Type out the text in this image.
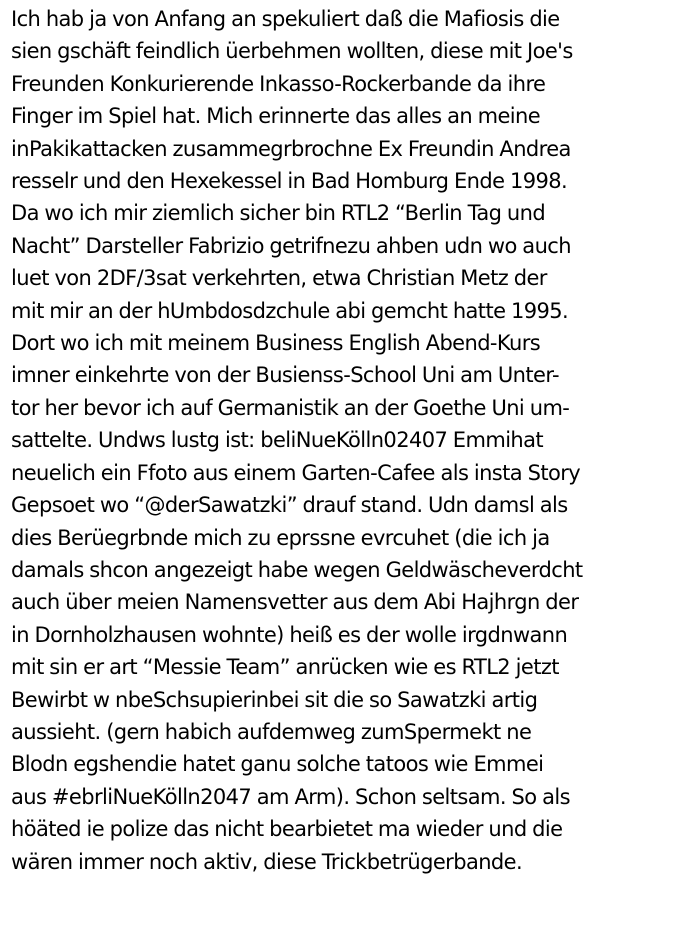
Ich hab ja von Anfang an spekuliert daß die Mafiosis die
sien gschäft feindlich üerbehmen wollten, diese mit Joe's
Freunden Konkurierende Inkasso-Rockerbande da ihre
Finger im Spiel hat. Mich erinnerte das alles an meine
inPakikattacken zusammegrbrochne Ex Freundin Andrea
resselr und den Hexekessel in Bad Homburg Ende 1998.
Da wo ich mir ziemlich sicher bin RTL2 “Berlin Tag und
Nacht” Darsteller Fabrizio getrifnezu ahben udn wo auch
luet von 2DF/3sat verkehrten, etwa Christian Metz der
mit mir an der hUmbdosdzchule abi gemcht hatte 1995.
Dort wo ich mit meinem Business English Abend-Kurs
imner einkehrte von der Busienss-School Uni am Unter-
tor her bevor ich auf Germanistik an der Goethe Uni um-
sattelte. Undws lustg ist: beliNueKölln02407 Emmihat
neuelich ein Ffoto aus einem Garten-Cafee als insta Story
Gepsoet wo “@derSawatzki” drauf stand. Udn damsl als
dies Berüegrbnde mich zu eprssne evrcuhet (die ich ja
damals shcon angezeigt habe wegen Geldwäscheverdcht
auch über meien Namensvetter aus dem Abi Hajhrgn der
in Dornholzhausen wohnte) heiß es der wolle irgdnwann
mit sin er art “Messie Team” anrücken wie es RTL2 jetzt
Bewirbt w nbeSchsupierinbei sit die so Sawatzki artig
aussieht. (gern habich aufdemweg zumSpermekt ne
Blodn egshendie hatet ganu solche tatoos wie Emmei
aus #ebrliNueKölln2047 am Arm). Schon seltsam. So als
höäted ie polize das nicht bearbietet ma wieder und die
wären immer noch aktiv, diese Trickbetrügerbande.
